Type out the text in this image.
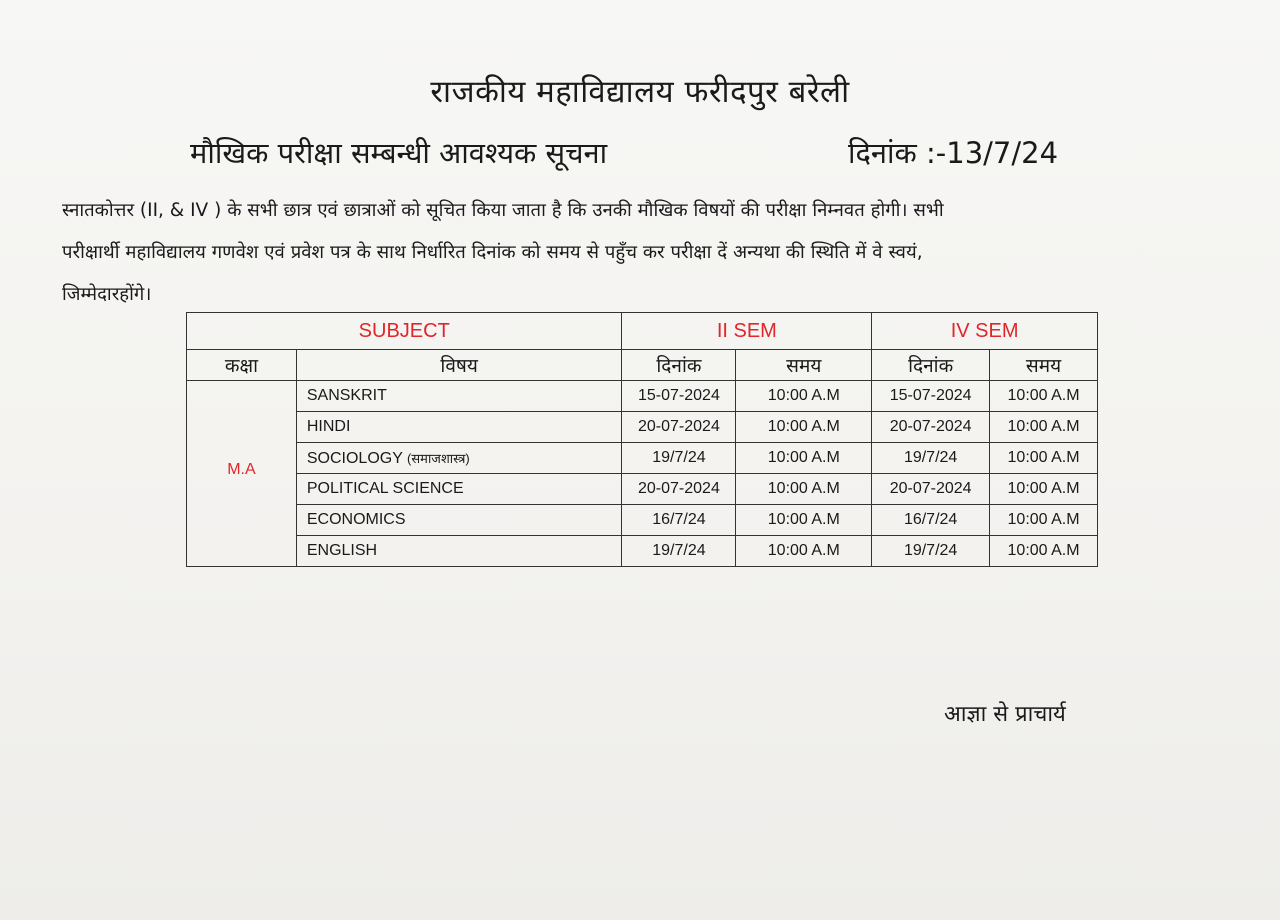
राजकीय महाविद्यालय फरीदपुर बरेली
मौखिक परीक्षा सम्बन्धी आवश्यक सूचना	दिनांक :-13/7/24
स्नातकोत्तर (II, & IV ) के सभी छात्र एवं छात्राओं को सूचित किया जाता है कि उनकी मौखिक विषयों की परीक्षा निम्नवत होगी। सभी
परीक्षार्थी महाविद्यालय गणवेश एवं प्रवेश पत्र के साथ निर्धारित दिनांक को समय से पहुँच कर परीक्षा दें अन्यथा की स्थिति में वे स्वयं,
जिम्मेदारहोंगे।
SUBJECT		II SEM		IV SEM	
कक्षा	विषय	दिनांक	समय	दिनांक	समय

M.A	SANSKRIT	15-07-2024	10:00 A.M	15-07-2024	10:00 A.M
	HINDI	20-07-2024	10:00 A.M	20-07-2024	10:00 A.M
	SOCIOLOGY (समाजशास्त्र)	19/7/24	10:00 A.M	19/7/24	10:00 A.M
	POLITICAL SCIENCE	20-07-2024	10:00 A.M	20-07-2024	10:00 A.M
	ECONOMICS	16/7/24	10:00 A.M	16/7/24	10:00 A.M
	ENGLISH	19/7/24	10:00 A.M	19/7/24	10:00 A.M
आज्ञा से प्राचार्य
